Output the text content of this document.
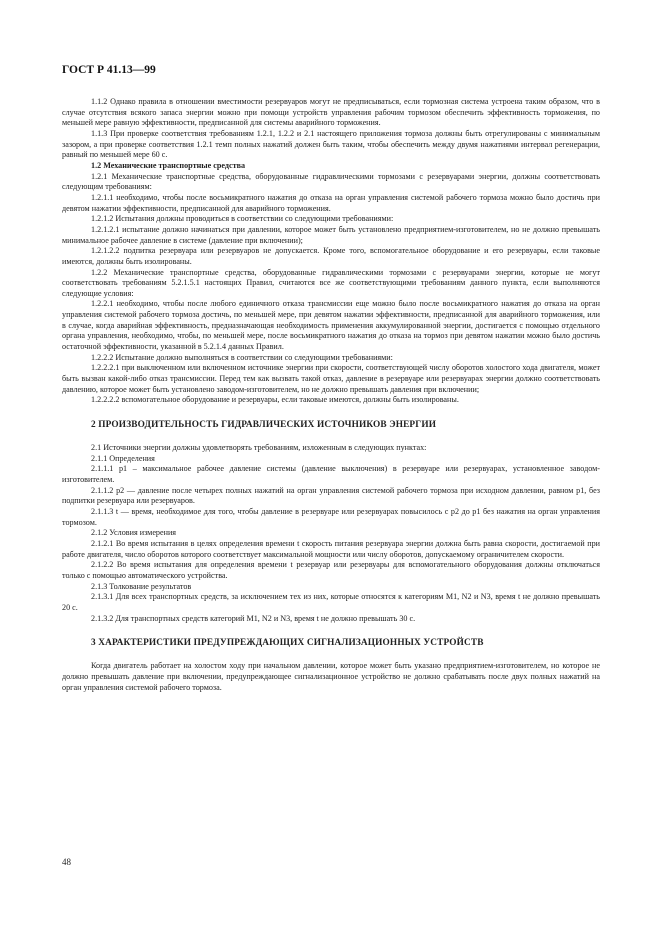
ГОСТ Р 41.13—99
1.1.2 Однако правила в отношении вместимости резервуаров могут не предписываться, если тормозная система устроена таким образом, что в случае отсутствия всякого запаса энергии можно при помощи устройств управления рабочим тормозом обеспечить эффективность торможения, по меньшей мере равную эффективности, предписанной для системы аварийного торможения.
1.1.3 При проверке соответствия требованиям 1.2.1, 1.2.2 и 2.1 настоящего приложения тормоза должны быть отрегулированы с минимальным зазором, а при проверке соответствия 1.2.1 темп полных нажатий должен быть таким, чтобы обеспечить между двумя нажатиями интервал регенерации, равный по меньшей мере 60 с.
1.2 Механические транспортные средства
1.2.1 Механические транспортные средства, оборудованные гидравлическими тормозами с резервуарами энергии, должны соответствовать следующим требованиям:
1.2.1.1 необходимо, чтобы после восьмикратного нажатия до отказа на орган управления системой рабочего тормоза можно было достичь при девятом нажатии эффективности, предписанной для аварийного торможения.
1.2.1.2 Испытания должны проводиться в соответствии со следующими требованиями:
1.2.1.2.1 испытание должно начинаться при давлении, которое может быть установлено предприятием-изготовителем, но не должно превышать минимальное рабочее давление в системе (давление при включении);
1.2.1.2.2 подпитка резервуара или резервуаров не допускается. Кроме того, вспомогательное оборудование и его резервуары, если таковые имеются, должны быть изолированы.
1.2.2 Механические транспортные средства, оборудованные гидравлическими тормозами с резервуарами энергии, которые не могут соответствовать требованиям 5.2.1.5.1 настоящих Правил, считаются все же соответствующими требованиям данного пункта, если выполняются следующие условия:
1.2.2.1 необходимо, чтобы после любого единичного отказа трансмиссии еще можно было после восьмикратного нажатия до отказа на орган управления системой рабочего тормоза достичь, по меньшей мере, при девятом нажатии эффективности, предписанной для аварийного торможения, или в случае, когда аварийная эффективность, предназначающая необходимость применения аккумулированной энергии, достигается с помощью отдельного органа управления, необходимо, чтобы, по меньшей мере, после восьмикратного нажатия до отказа на тормоз при девятом нажатии можно было достичь остаточной эффективности, указанной в 5.2.1.4 данных Правил.
1.2.2.2 Испытание должно выполняться в соответствии со следующими требованиями:
1.2.2.2.1 при выключенном или включенном источнике энергии при скорости, соответствующей числу оборотов холостого хода двигателя, может быть вызван какой-либо отказ трансмиссии. Перед тем как вызвать такой отказ, давление в резервуаре или резервуарах энергии должно соответствовать давлению, которое может быть установлено заводом-изготовителем, но не должно превышать давления при включении;
1.2.2.2.2 вспомогательное оборудование и резервуары, если таковые имеются, должны быть изолированы.
2 ПРОИЗВОДИТЕЛЬНОСТЬ ГИДРАВЛИЧЕСКИХ ИСТОЧНИКОВ ЭНЕРГИИ
2.1 Источники энергии должны удовлетворять требованиям, изложенным в следующих пунктах:
2.1.1 Определения
2.1.1.1 p1 – максимальное рабочее давление системы (давление выключения) в резервуаре или резервуарах, установленное заводом-изготовителем.
2.1.1.2 p2 — давление после четырех полных нажатий на орган управления системой рабочего тормоза при исходном давлении, равном p1, без подпитки резервуара или резервуаров.
2.1.1.3 t — время, необходимое для того, чтобы давление в резервуаре или резервуарах повысилось с p2 до p1 без нажатия на орган управления тормозом.
2.1.2 Условия измерения
2.1.2.1 Во время испытания в целях определения времени t скорость питания резервуара энергии должна быть равна скорости, достигаемой при работе двигателя, число оборотов которого соответствует максимальной мощности или числу оборотов, допускаемому ограничителем скорости.
2.1.2.2 Во время испытания для определения времени t резервуар или резервуары для вспомогательного оборудования должны отключаться только с помощью автоматического устройства.
2.1.3 Толкование результатов
2.1.3.1 Для всех транспортных средств, за исключением тех из них, которые относятся к категориям M1, N2 и N3, время t не должно превышать 20 с.
2.1.3.2 Для транспортных средств категорий M1, N2 и N3, время t не должно превышать 30 с.
3 ХАРАКТЕРИСТИКИ ПРЕДУПРЕЖДАЮЩИХ СИГНАЛИЗАЦИОННЫХ УСТРОЙСТВ
Когда двигатель работает на холостом ходу при начальном давлении, которое может быть указано предприятием-изготовителем, но которое не должно превышать давление при включении, предупреждающее сигнализационное устройство не должно срабатывать после двух полных нажатий на орган управления системой рабочего тормоза.
48
